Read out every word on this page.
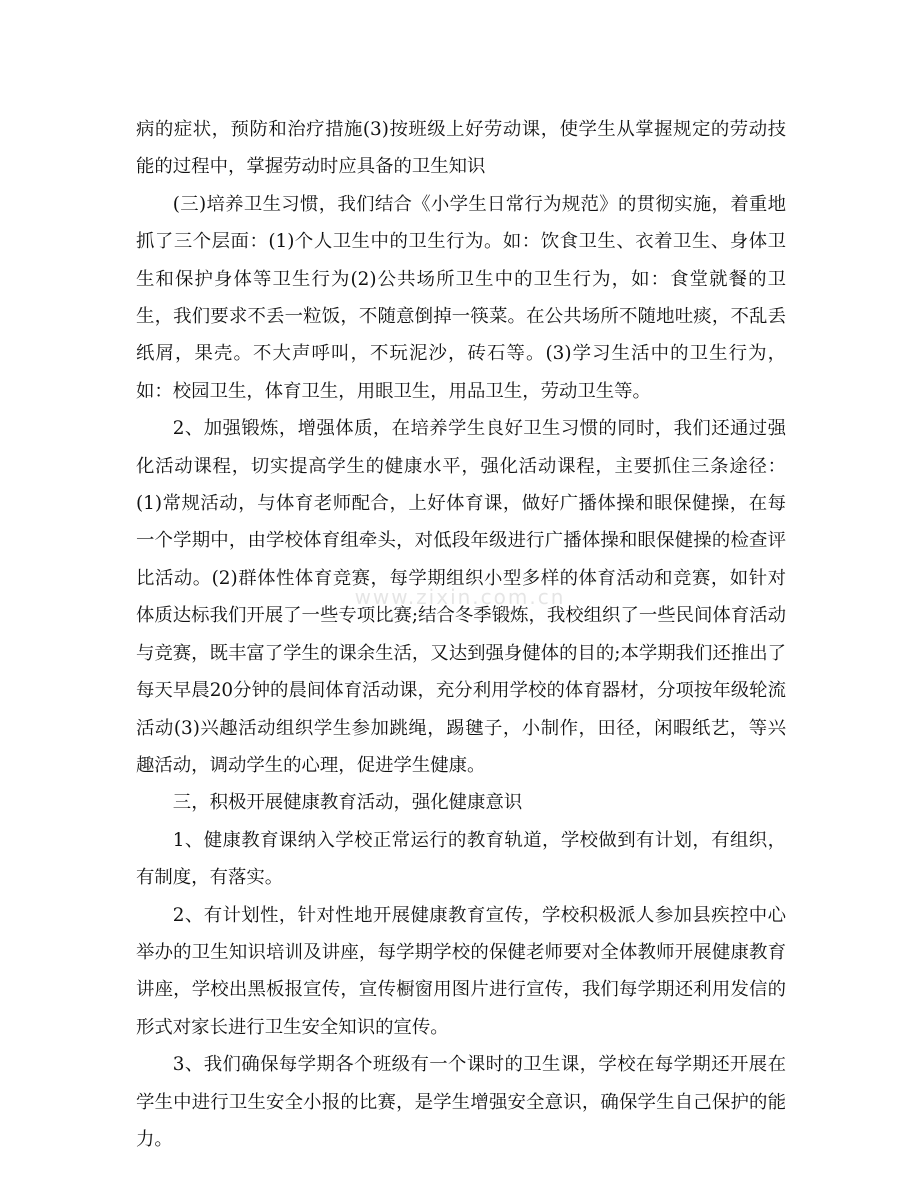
病的症状，预防和治疗措施(3)按班级上好劳动课，使学生从掌握规定的劳动技能的过程中，掌握劳动时应具备的卫生知识

(三)培养卫生习惯，我们结合《小学生日常行为规范》的贯彻实施，着重地抓了三个层面：(1)个人卫生中的卫生行为。如：饮食卫生、衣着卫生、身体卫生和保护身体等卫生行为(2)公共场所卫生中的卫生行为，如：食堂就餐的卫生，我们要求不丢一粒饭，不随意倒掉一筷菜。在公共场所不随地吐痰，不乱丢纸屑，果壳。不大声呼叫，不玩泥沙，砖石等。(3)学习生活中的卫生行为，如：校园卫生，体育卫生，用眼卫生，用品卫生，劳动卫生等。

2、加强锻炼，增强体质，在培养学生良好卫生习惯的同时，我们还通过强化活动课程，切实提高学生的健康水平，强化活动课程，主要抓住三条途径：(1)常规活动，与体育老师配合，上好体育课，做好广播体操和眼保健操，在每一个学期中，由学校体育组牵头，对低段年级进行广播体操和眼保健操的检查评比活动。(2)群体性体育竞赛，每学期组织小型多样的体育活动和竞赛，如针对体质达标我们开展了一些专项比赛;结合冬季锻炼，我校组织了一些民间体育活动与竞赛，既丰富了学生的课余生活，又达到强身健体的目的;本学期我们还推出了每天早晨20分钟的晨间体育活动课，充分利用学校的体育器材，分项按年级轮流活动(3)兴趣活动组织学生参加跳绳，踢毽子，小制作，田径，闲暇纸艺，等兴趣活动，调动学生的心理，促进学生健康。

三，积极开展健康教育活动，强化健康意识

1、健康教育课纳入学校正常运行的教育轨道，学校做到有计划，有组织，有制度，有落实。

2、有计划性，针对性地开展健康教育宣传，学校积极派人参加县疾控中心举办的卫生知识培训及讲座，每学期学校的保健老师要对全体教师开展健康教育讲座，学校出黑板报宣传，宣传橱窗用图片进行宣传，我们每学期还利用发信的形式对家长进行卫生安全知识的宣传。

3、我们确保每学期各个班级有一个课时的卫生课，学校在每学期还开展在学生中进行卫生安全小报的比赛，是学生增强安全意识，确保学生自己保护的能力。

www.zixin.com.cn
